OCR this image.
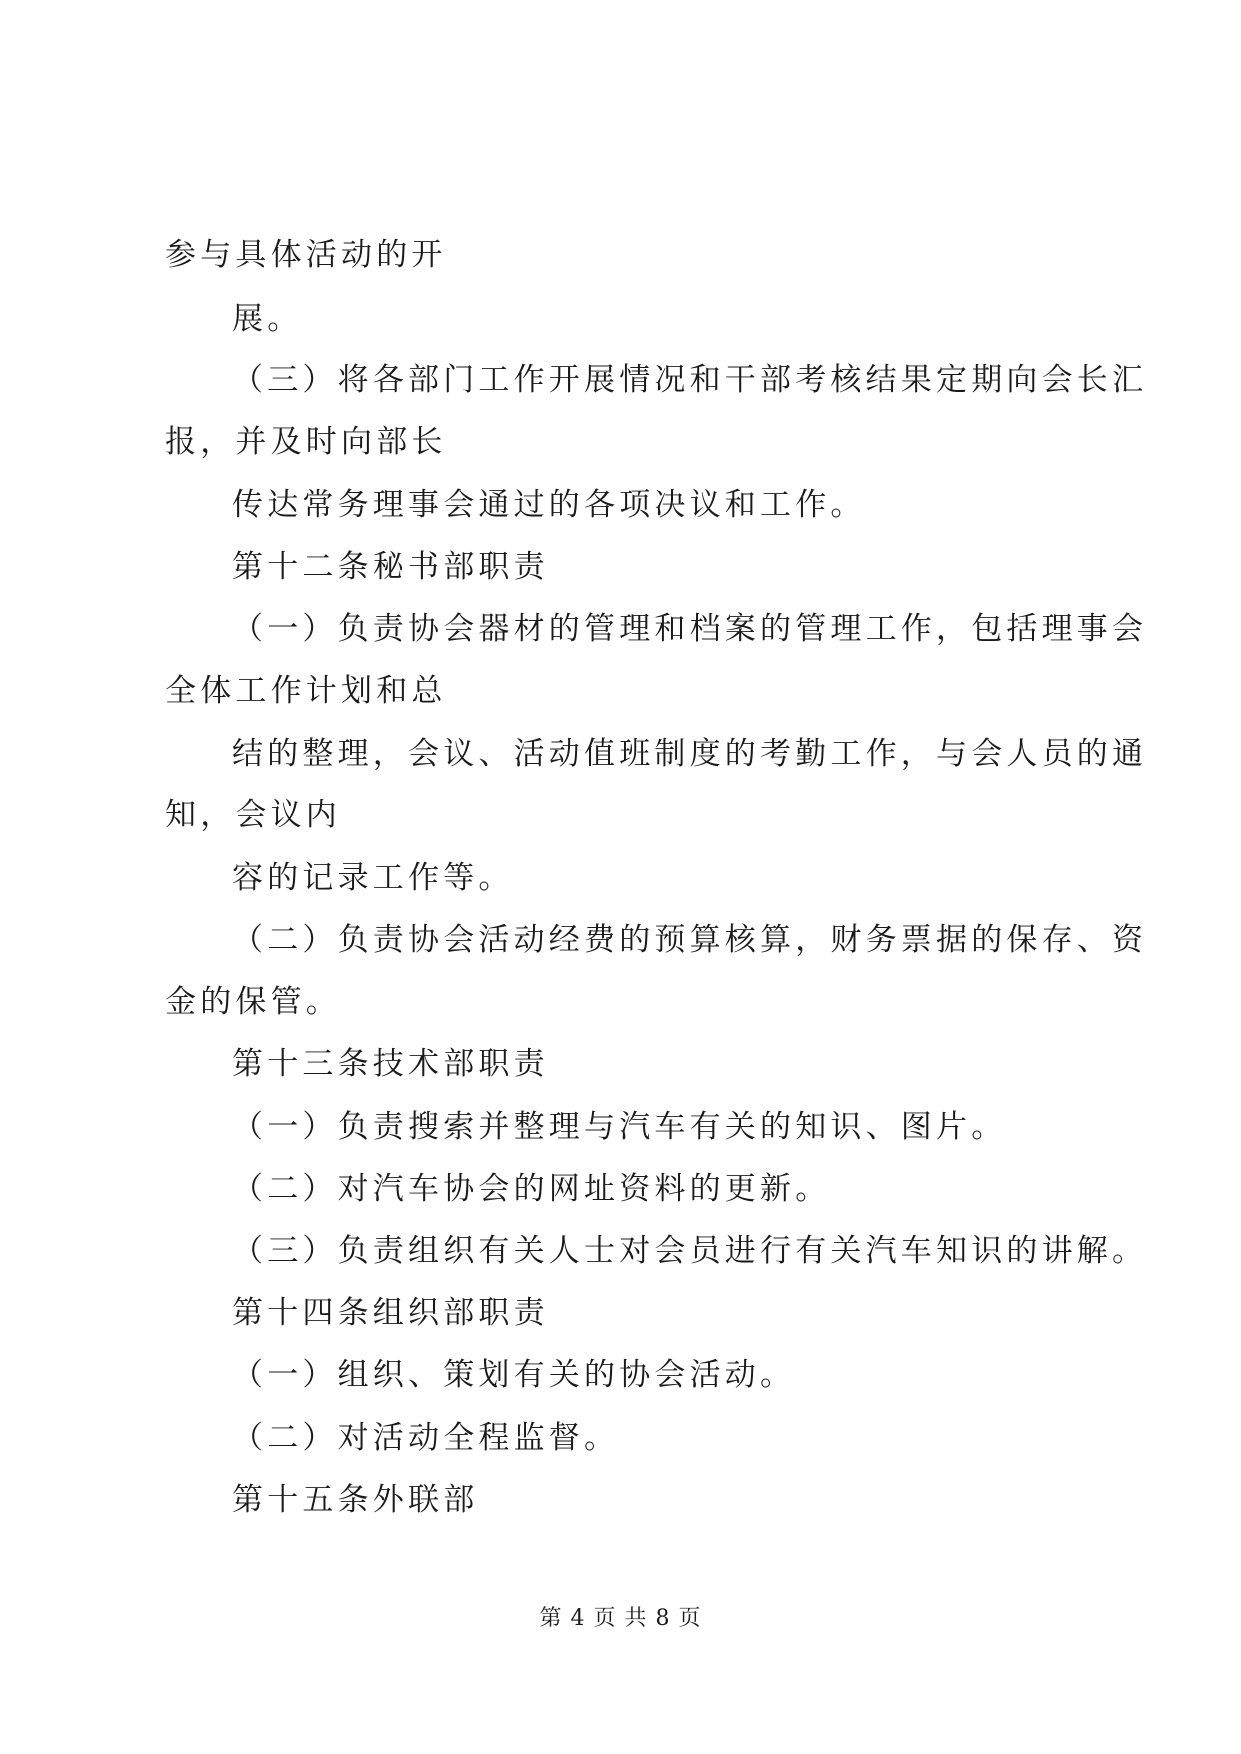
参与具体活动的开
展。
（三）将各部门工作开展情况和干部考核结果定期向会长汇
报，并及时向部长
传达常务理事会通过的各项决议和工作。
第十二条秘书部职责
（一）负责协会器材的管理和档案的管理工作，包括理事会
全体工作计划和总
结的整理，会议、活动值班制度的考勤工作，与会人员的通
知，会议内
容的记录工作等。
（二）负责协会活动经费的预算核算，财务票据的保存、资
金的保管。
第十三条技术部职责
（一）负责搜索并整理与汽车有关的知识、图片。
（二）对汽车协会的网址资料的更新。
（三）负责组织有关人士对会员进行有关汽车知识的讲解。
第十四条组织部职责
（一）组织、策划有关的协会活动。
（二）对活动全程监督。
第十五条外联部
第 4 页 共 8 页
